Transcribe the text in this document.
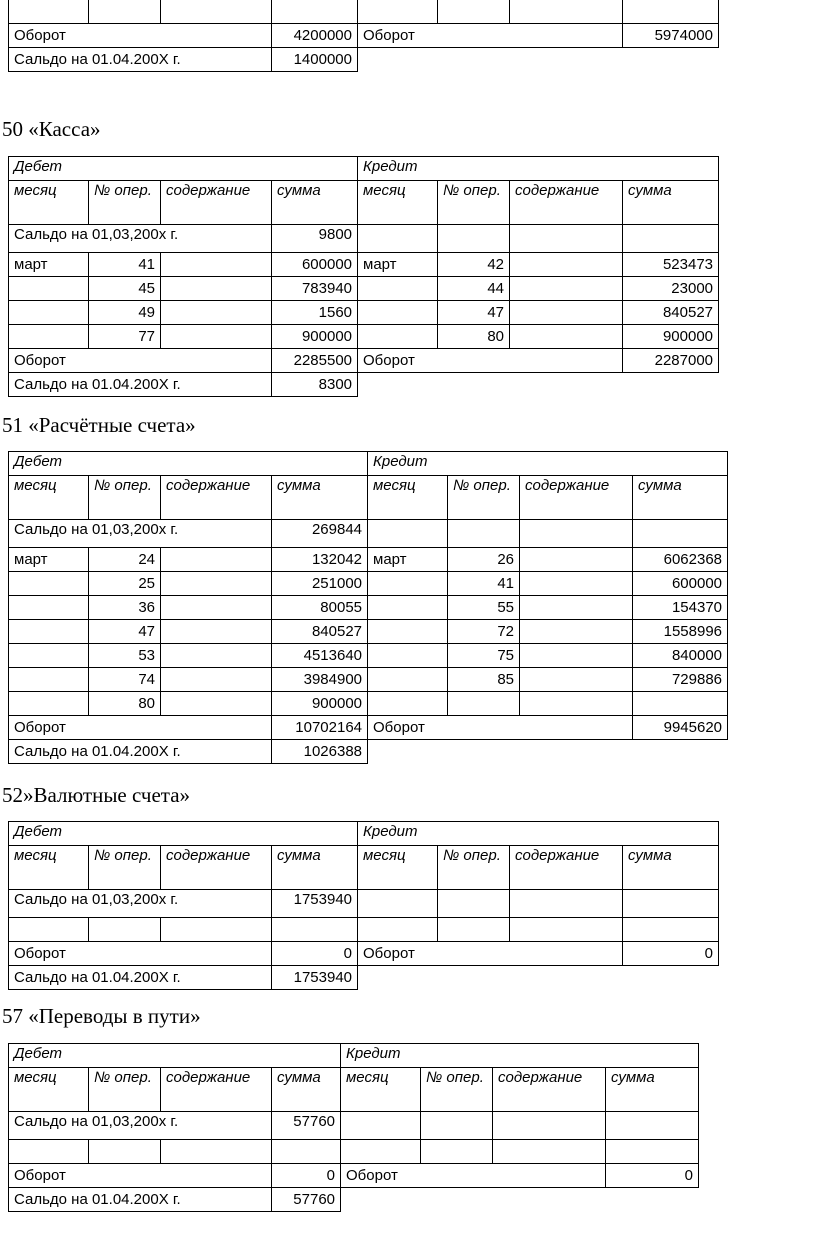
Оборот			4200000	Оборот			5974000
Сальдо на 01.04.200Х г.			1400000				
50 «Касса»
Дебет				Кредит			
месяц	№ опер.	содержание	сумма	месяц	№ опер.	содержание	сумма
Сальдо на 01,03,200х г.			9800				
март	41		600000	март	42		523473
	45		783940		44		23000
	49		1560		47		840527
	77		900000		80		900000
Оборот			2285500	Оборот			2287000
Сальдо на 01.04.200Х г.			8300				
51 «Расчётные счета»
Дебет				Кредит			
месяц	№ опер.	содержание	сумма	месяц	№ опер.	содержание	сумма
Сальдо на 01,03,200х г.			269844				
март	24		132042	март	26		6062368
	25		251000		41		600000
	36		80055		55		154370
	47		840527		72		1558996
	53		4513640		75		840000
	74		3984900		85		729886
	80		900000				
Оборот			10702164	Оборот			9945620
Сальдо на 01.04.200Х г.			1026388				
52»Валютные счета»
Дебет				Кредит			
месяц	№ опер.	содержание	сумма	месяц	№ опер.	содержание	сумма
Сальдо на 01,03,200х г.			1753940				

Оборот			0	Оборот			0
Сальдо на 01.04.200Х г.			1753940				
57 «Переводы в пути»
Дебет				Кредит			
месяц	№ опер.	содержание	сумма	месяц	№ опер.	содержание	сумма
Сальдо на 01,03,200х г.			57760				

Оборот			0	Оборот			0
Сальдо на 01.04.200Х г.			57760				
